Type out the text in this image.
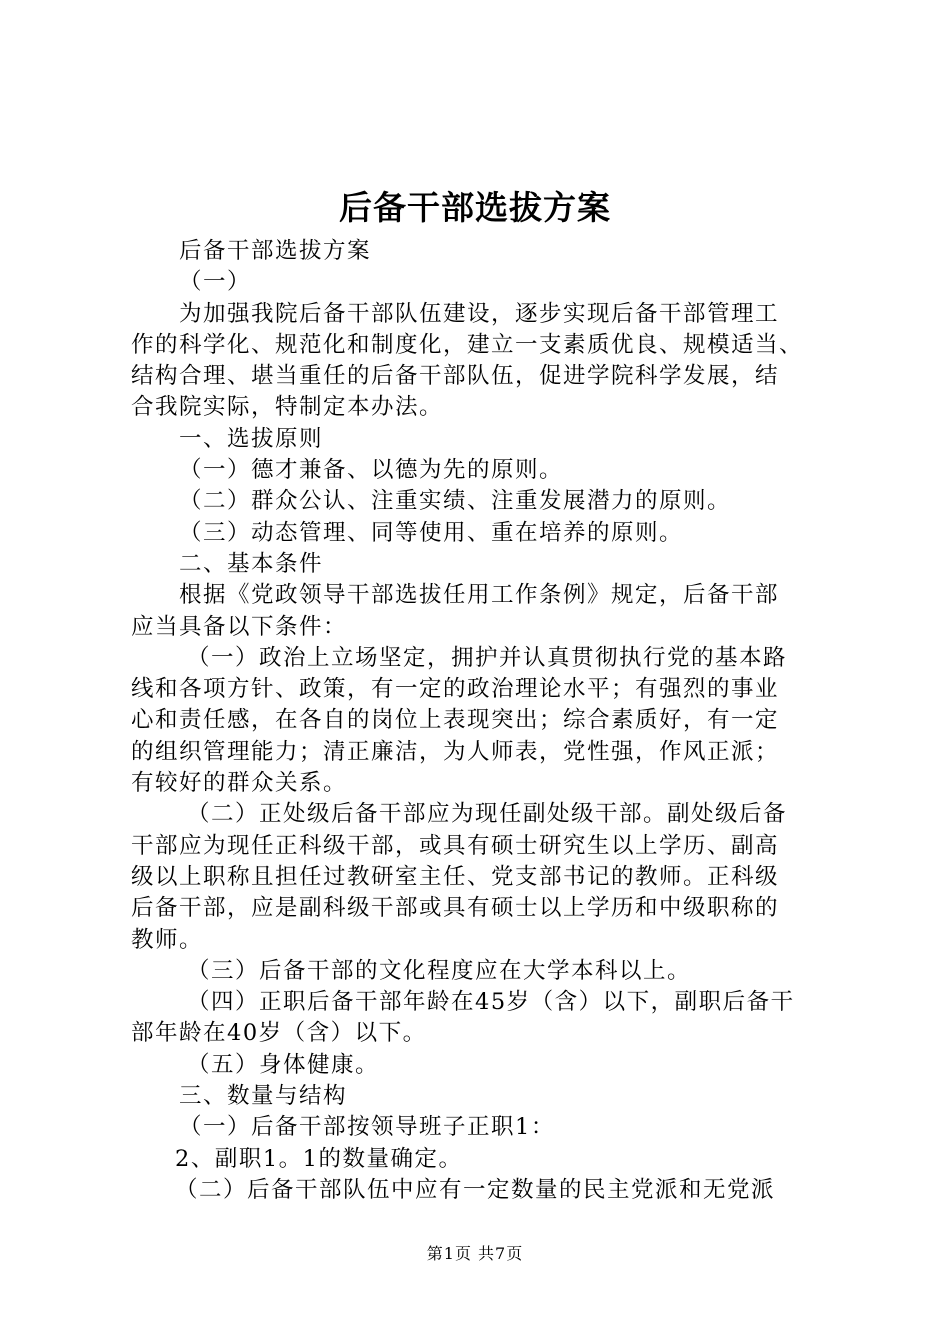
后备干部选拔方案
后备干部选拔方案
（一）
为加强我院后备干部队伍建设，逐步实现后备干部管理工
作的科学化、规范化和制度化，建立一支素质优良、规模适当、
结构合理、堪当重任的后备干部队伍，促进学院科学发展，结
合我院实际，特制定本办法。
一、选拔原则
（一）德才兼备、以德为先的原则。
（二）群众公认、注重实绩、注重发展潜力的原则。
（三）动态管理、同等使用、重在培养的原则。
二、基本条件
根据《党政领导干部选拔任用工作条例》规定，后备干部
应当具备以下条件：
（一）政治上立场坚定，拥护并认真贯彻执行党的基本路
线和各项方针、政策，有一定的政治理论水平；有强烈的事业
心和责任感，在各自的岗位上表现突出；综合素质好，有一定
的组织管理能力；清正廉洁，为人师表，党性强，作风正派；
有较好的群众关系。
（二）正处级后备干部应为现任副处级干部。副处级后备
干部应为现任正科级干部，或具有硕士研究生以上学历、副高
级以上职称且担任过教研室主任、党支部书记的教师。正科级
后备干部，应是副科级干部或具有硕士以上学历和中级职称的
教师。
（三）后备干部的文化程度应在大学本科以上。
（四）正职后备干部年龄在45岁（含）以下，副职后备干
部年龄在40岁（含）以下。
（五）身体健康。
三、数量与结构
（一）后备干部按领导班子正职1：
2、副职1。1的数量确定。
（二）后备干部队伍中应有一定数量的民主党派和无党派
第1页 共7页
